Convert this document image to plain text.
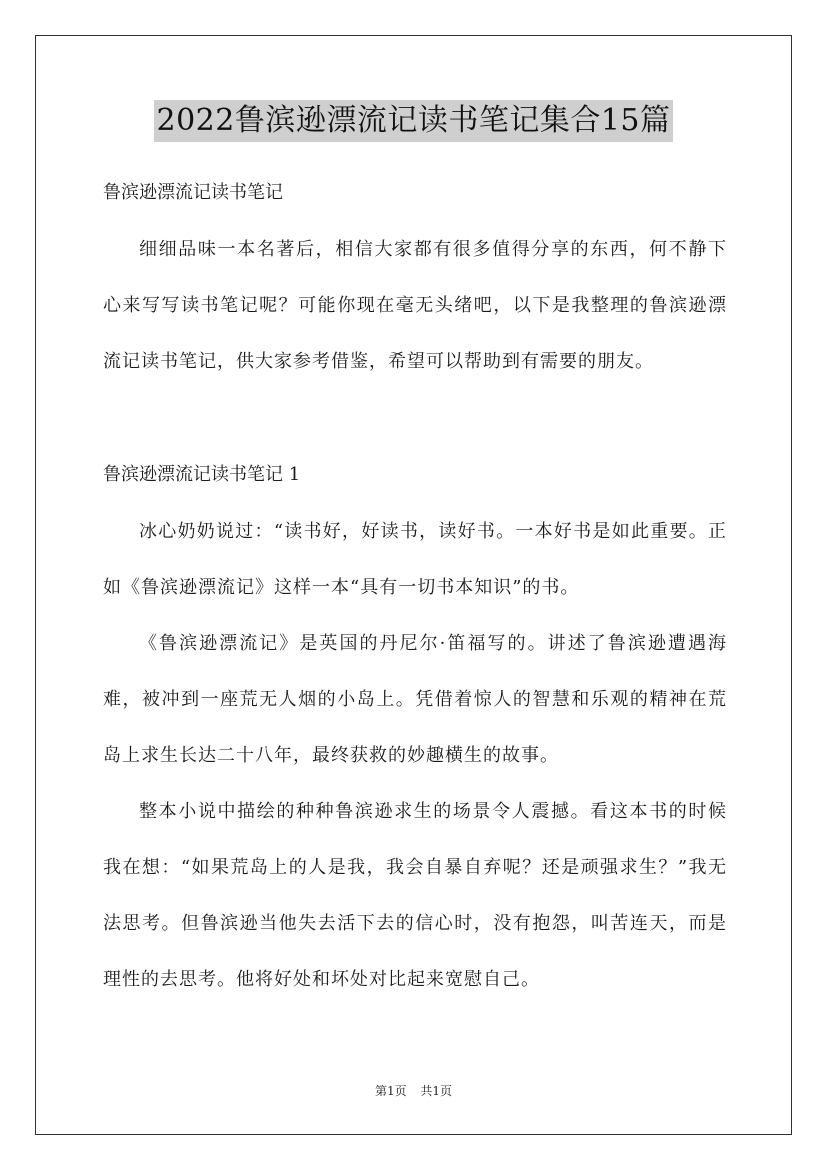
2022鲁滨逊漂流记读书笔记集合15篇

鲁滨逊漂流记读书笔记

细细品味一本名著后，相信大家都有很多值得分享的东西，何不静下心来写写读书笔记呢？可能你现在毫无头绪吧，以下是我整理的鲁滨逊漂流记读书笔记，供大家参考借鉴，希望可以帮助到有需要的朋友。

鲁滨逊漂流记读书笔记 1

冰心奶奶说过：“读书好，好读书，读好书。一本好书是如此重要。正如《鲁滨逊漂流记》这样一本“具有一切书本知识”的书。

《鲁滨逊漂流记》是英国的丹尼尔·笛福写的。讲述了鲁滨逊遭遇海难，被冲到一座荒无人烟的小岛上。凭借着惊人的智慧和乐观的精神在荒岛上求生长达二十八年，最终获救的妙趣横生的故事。

整本小说中描绘的种种鲁滨逊求生的场景令人震撼。看这本书的时候我在想：“如果荒岛上的人是我，我会自暴自弃呢？还是顽强求生？”我无法思考。但鲁滨逊当他失去活下去的信心时，没有抱怨，叫苦连天，而是理性的去思考。他将好处和坏处对比起来宽慰自己。

第1页 共1页
